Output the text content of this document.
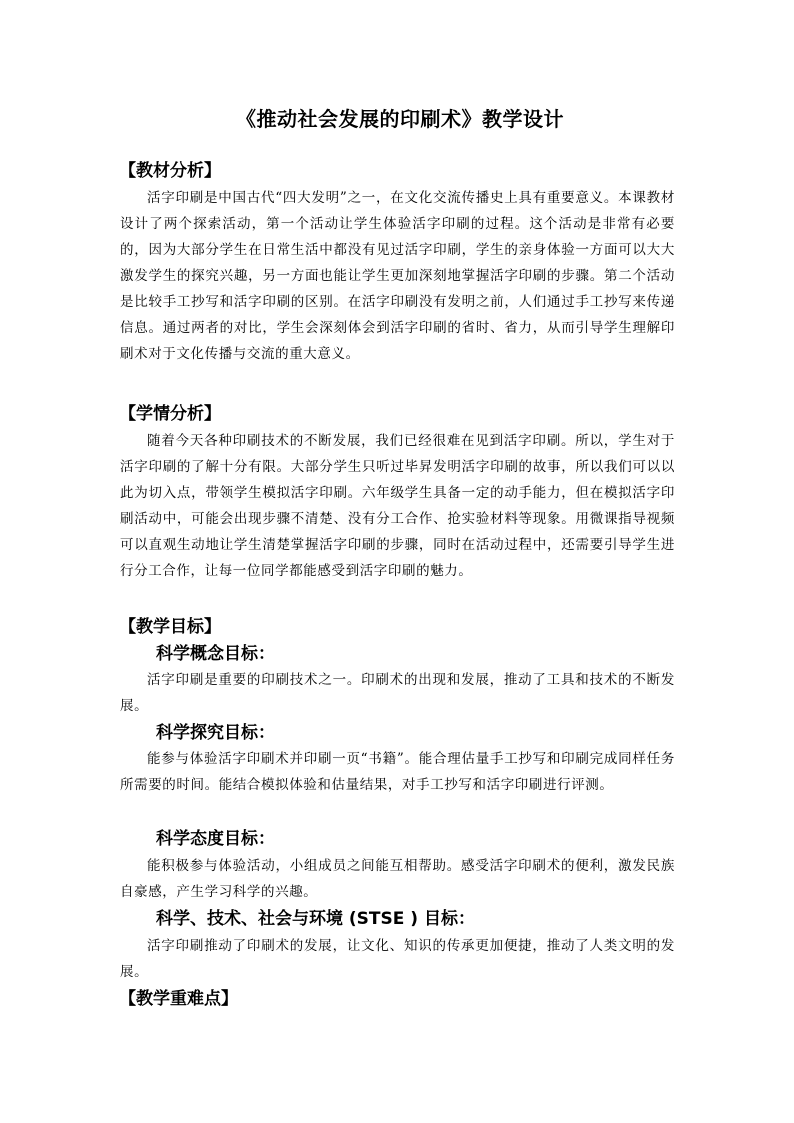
《推动社会发展的印刷术》教学设计
【教材分析】

活字印刷是中国古代“四大发明”之一，在文化交流传播史上具有重要意义。本课教材设计了两个探索活动，第一个活动让学生体验活字印刷的过程。这个活动是非常有必要的，因为大部分学生在日常生活中都没有见过活字印刷，学生的亲身体验一方面可以大大激发学生的探究兴趣，另一方面也能让学生更加深刻地掌握活字印刷的步骤。第二个活动是比较手工抄写和活字印刷的区别。在活字印刷没有发明之前，人们通过手工抄写来传递信息。通过两者的对比，学生会深刻体会到活字印刷的省时、省力，从而引导学生理解印刷术对于文化传播与交流的重大意义。

【学情分析】

随着今天各种印刷技术的不断发展，我们已经很难在见到活字印刷。所以，学生对于活字印刷的了解十分有限。大部分学生只听过毕昇发明活字印刷的故事，所以我们可以以此为切入点，带领学生模拟活字印刷。六年级学生具备一定的动手能力，但在模拟活字印刷活动中，可能会出现步骤不清楚、没有分工合作、抢实验材料等现象。用微课指导视频可以直观生动地让学生清楚掌握活字印刷的步骤，同时在活动过程中，还需要引导学生进行分工合作，让每一位同学都能感受到活字印刷的魅力。

【教学目标】
科学概念目标：

活字印刷是重要的印刷技术之一。印刷术的出现和发展，推动了工具和技术的不断发展。

科学探究目标：

能参与体验活字印刷术并印刷一页“书籍”。能合理估量手工抄写和印刷完成同样任务所需要的时间。能结合模拟体验和估量结果，对手工抄写和活字印刷进行评测。

科学态度目标：

能积极参与体验活动，小组成员之间能互相帮助。感受活字印刷术的便利，激发民族自豪感，产生学习科学的兴趣。

科学、技术、社会与环境 (STSE ) 目标：

活字印刷推动了印刷术的发展，让文化、知识的传承更加便捷，推动了人类文明的发展。

【教学重难点】
